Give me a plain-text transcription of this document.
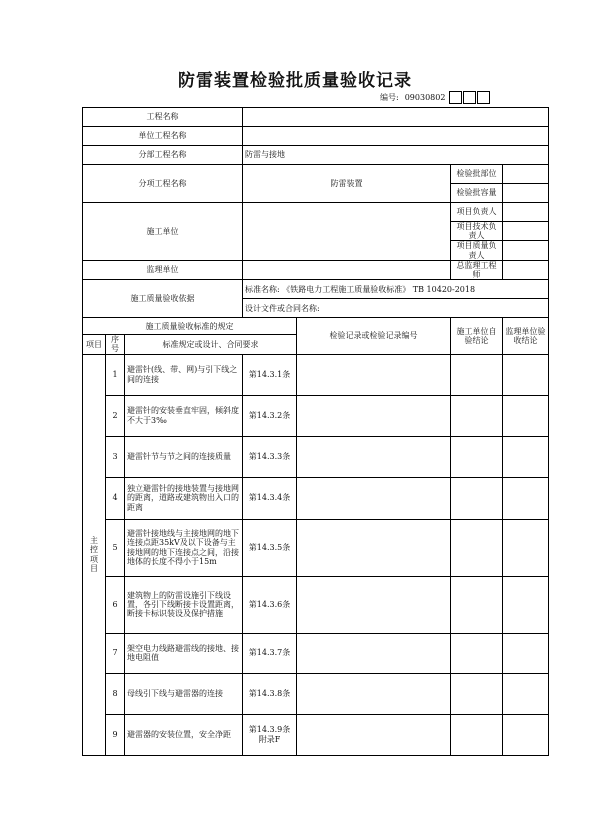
防雷装置检验批质量验收记录
编号: 09030802
工程名称						
单位工程名称						
分部工程名称			防雷与接地			
分项工程名称			防雷装置		检验批部位	
					检验批容量	
施工单位					项目负责人	
					项目技术负责人	
					项目质量负责人	
监理单位					总监理工程师	
施工质量验收依据			标准名称: 《铁路电力工程施工质量验收标准》 TB 10420-2018			
			设计文件或合同名称:			
施工质量验收标准的规定				检验记录或检验记录编号	施工单位自验结论	监理单位验收结论
项目	序号	标准规定或设计、合同要求				

主
控
项
目	1	避雷针(线、带、网)与引下线之间的连接	第14.3.1条			
	2	避雷针的安装垂直牢固，倾斜度不大于3‰	第14.3.2条			
	3	避雷针节与节之间的连接质量	第14.3.3条			
	4	独立避雷针的接地装置与接地网的距离，道路或建筑物出入口的距离	第14.3.4条			
	5	避雷针接地线与主接地网的地下连接点距35kV及以下设备与主接地网的地下连接点之间，沿接地体的长度不得小于15m	第14.3.5条			
	6	建筑物上的防雷设施引下线设置，各引下线断接卡设置距离，断接卡标识装设及保护措施	第14.3.6条			
	7	架空电力线路避雷线的接地、接地电阻值	第14.3.7条			
	8	母线引下线与避雷器的连接	第14.3.8条			
	9	避雷器的安装位置，安全净距	第14.3.9条
附录F			
